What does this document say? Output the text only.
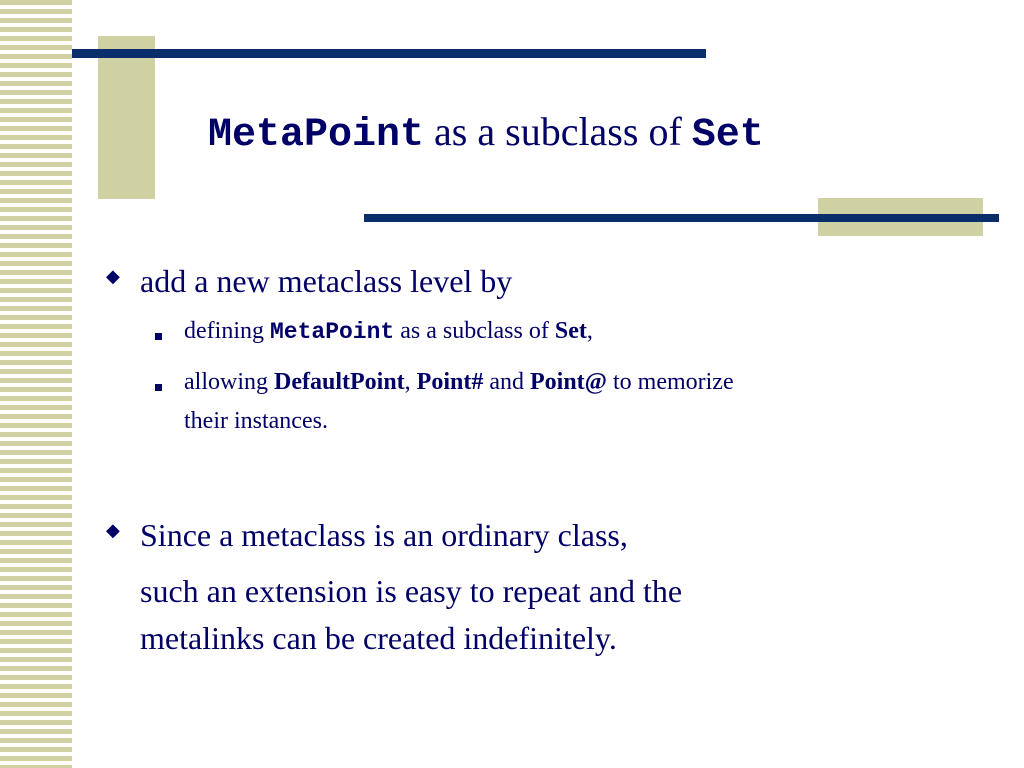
MetaPoint as a subclass of Set
◆ add a new metaclass level by
defining MetaPoint as a subclass of Set,
allowing DefaultPoint, Point# and Point@ to memorize
their instances.
◆ Since a metaclass is an ordinary class,
such an extension is easy to repeat and the
metalinks can be created indefinitely.
